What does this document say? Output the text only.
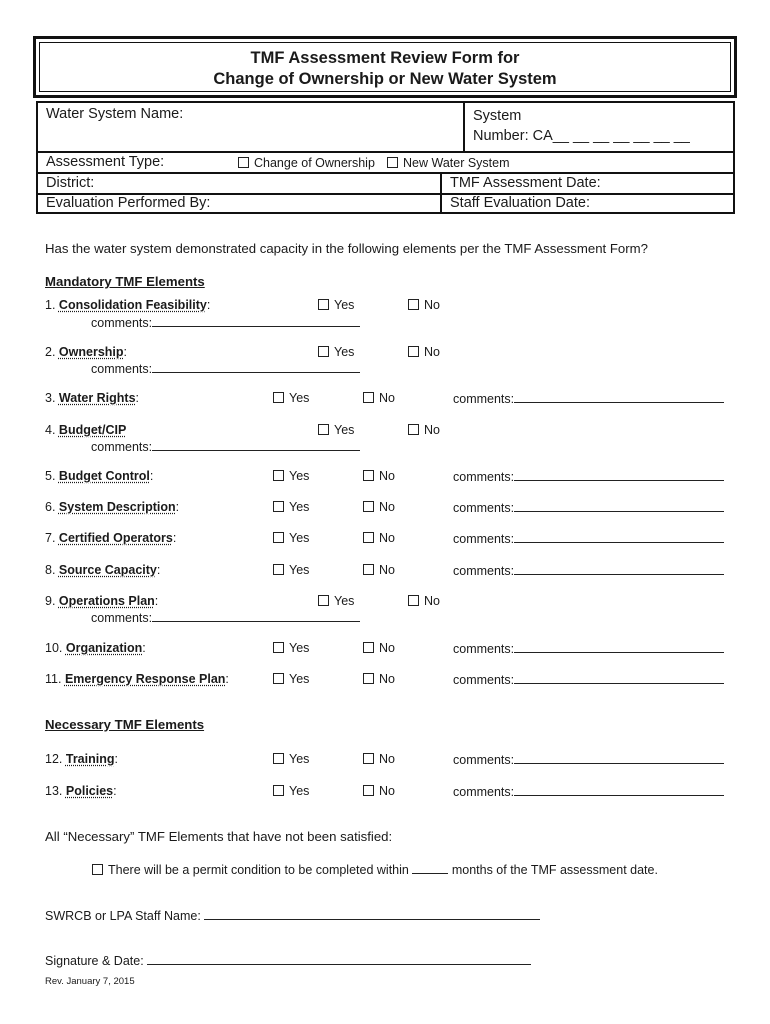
TMF Assessment Review Form for
Change of Ownership or New Water System
Water System Name:	System
Number: CA__ __ __ __ __ __ __
Assessment Type:	Change of Ownership	New Water System
District:	TMF Assessment Date:
Evaluation Performed By:	Staff Evaluation Date:
Has the water system demonstrated capacity in the following elements per the TMF Assessment Form?
Mandatory TMF Elements
1. Consolidation Feasibility:	Yes	No
comments:
2. Ownership:	Yes	No
comments:
3. Water Rights:	Yes	No	comments:
4. Budget/CIP	Yes	No
comments:
5. Budget Control:	Yes	No	comments:
6. System Description:	Yes	No	comments:
7. Certified Operators:	Yes	No	comments:
8. Source Capacity:	Yes	No	comments:
9. Operations Plan:	Yes	No
comments:
10. Organization:	Yes	No	comments:
11. Emergency Response Plan:	Yes	No	comments:
12. Training:	Yes	No	comments:
13. Policies:	Yes	No	comments:
Necessary TMF Elements
All “Necessary” TMF Elements that have not been satisfied:
There will be a permit condition to be completed within	months of the TMF assessment date.
SWRCB or LPA Staff Name:
Signature & Date:
Rev. January 7, 2015
